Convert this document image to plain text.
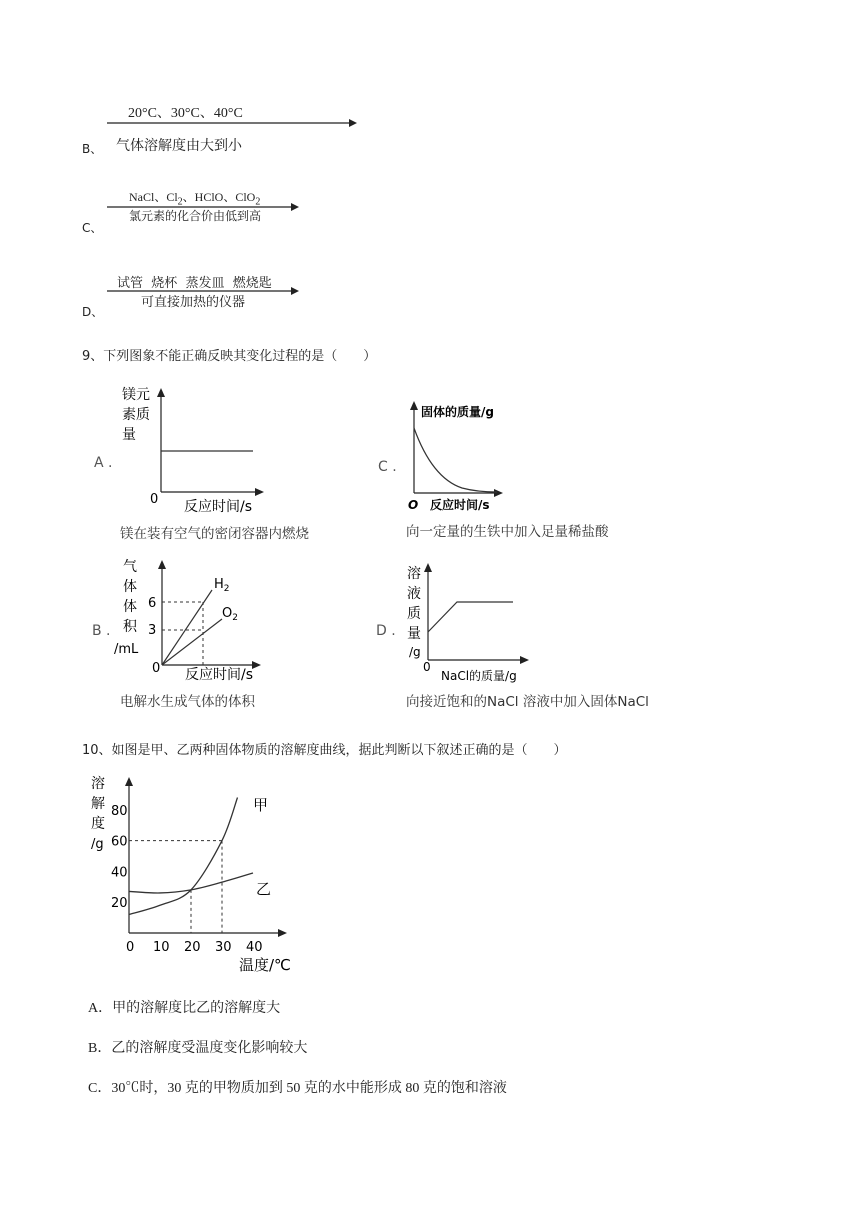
20°C、30°C、40°C
B、 气体溶解度由大到小
NaCl、$Cl_2$、HClO、ClO$_2$
C、
氯元素的化合价由低到高
试管  烧杯  蒸发皿  燃烧匙
D、
可直接加热的仪器
9、下列图象不能正确反映其变化过程的是（　　）
A .
镁元
素质
量
0 反应时间/s
镁在装有空气的密闭容器内燃烧
C .
固体的质量/g
O 反应时间/s
向一定量的生铁中加入足量稀盐酸
B .
气
体
体
积
/mL
6
3
$H_2$
$O_2$
0 反应时间/s
电解水生成气体的体积
D .
溶
液
质
量
/g
0
NaCl的质量/g
向接近饱和的NaCl 溶液中加入固体NaCl
10、如图是甲、乙两种固体物质的溶解度曲线，据此判断以下叙述正确的是（　　）
溶
解
度
/g
80
60
40
20
0 10 20 30 40
甲
乙
温度/℃
A．甲的溶解度比乙的溶解度大
B．乙的溶解度受温度变化影响较大
C．30℃时，30 克的甲物质加到 50 克的水中能形成 80 克的饱和溶液
